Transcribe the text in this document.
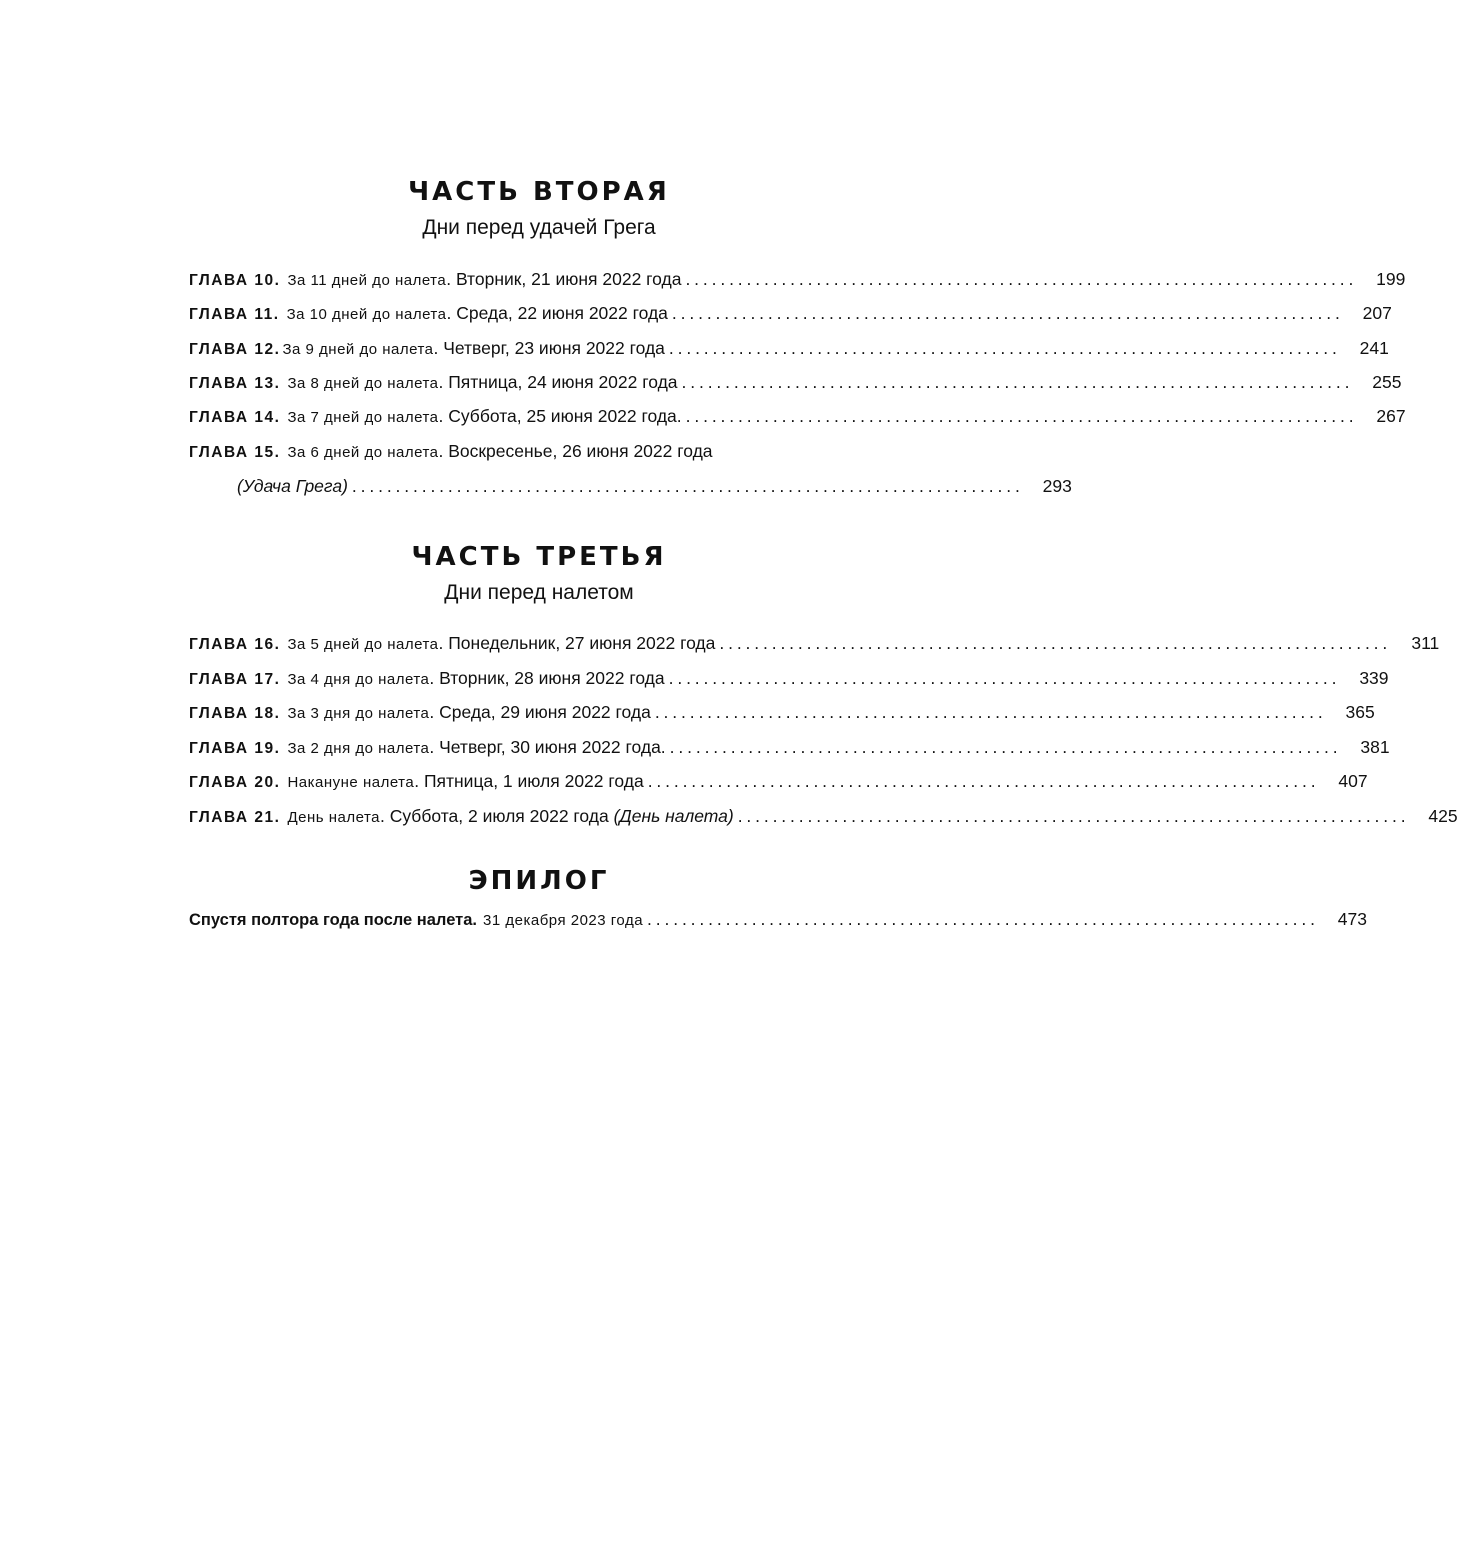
ЧАСТЬ ВТОРАЯ
Дни перед удачей Грега
ГЛАВА 10. За 11 дней до налета. Вторник, 21 июня 2022 года . . .	199
ГЛАВА 11. За 10 дней до налета. Среда, 22 июня 2022 года . . .	207
ГЛАВА 12. За 9 дней до налета. Четверг, 23 июня 2022 года . . .	241
ГЛАВА 13. За 8 дней до налета. Пятница, 24 июня 2022 года . . .	255
ГЛАВА 14. За 7 дней до налета. Суббота, 25 июня 2022 года. . . .	267
ГЛАВА 15. За 6 дней до налета. Воскресенье, 26 июня 2022 года
(Удача Грега) . . .	293
ЧАСТЬ ТРЕТЬЯ
Дни перед налетом
ГЛАВА 16. За 5 дней до налета. Понедельник, 27 июня 2022 года . . .	311
ГЛАВА 17. За 4 дня до налета. Вторник, 28 июня 2022 года . . .	339
ГЛАВА 18. За 3 дня до налета. Среда, 29 июня 2022 года . . .	365
ГЛАВА 19. За 2 дня до налета. Четверг, 30 июня 2022 года. . . .	381
ГЛАВА 20. Накануне налета. Пятница, 1 июля 2022 года . . .	407
ГЛАВА 21. День налета. Суббота, 2 июля 2022 года (День налета) . . .	425
ЭПИЛОГ
Спустя полтора года после налета. 31 декабря 2023 года . . .	473
